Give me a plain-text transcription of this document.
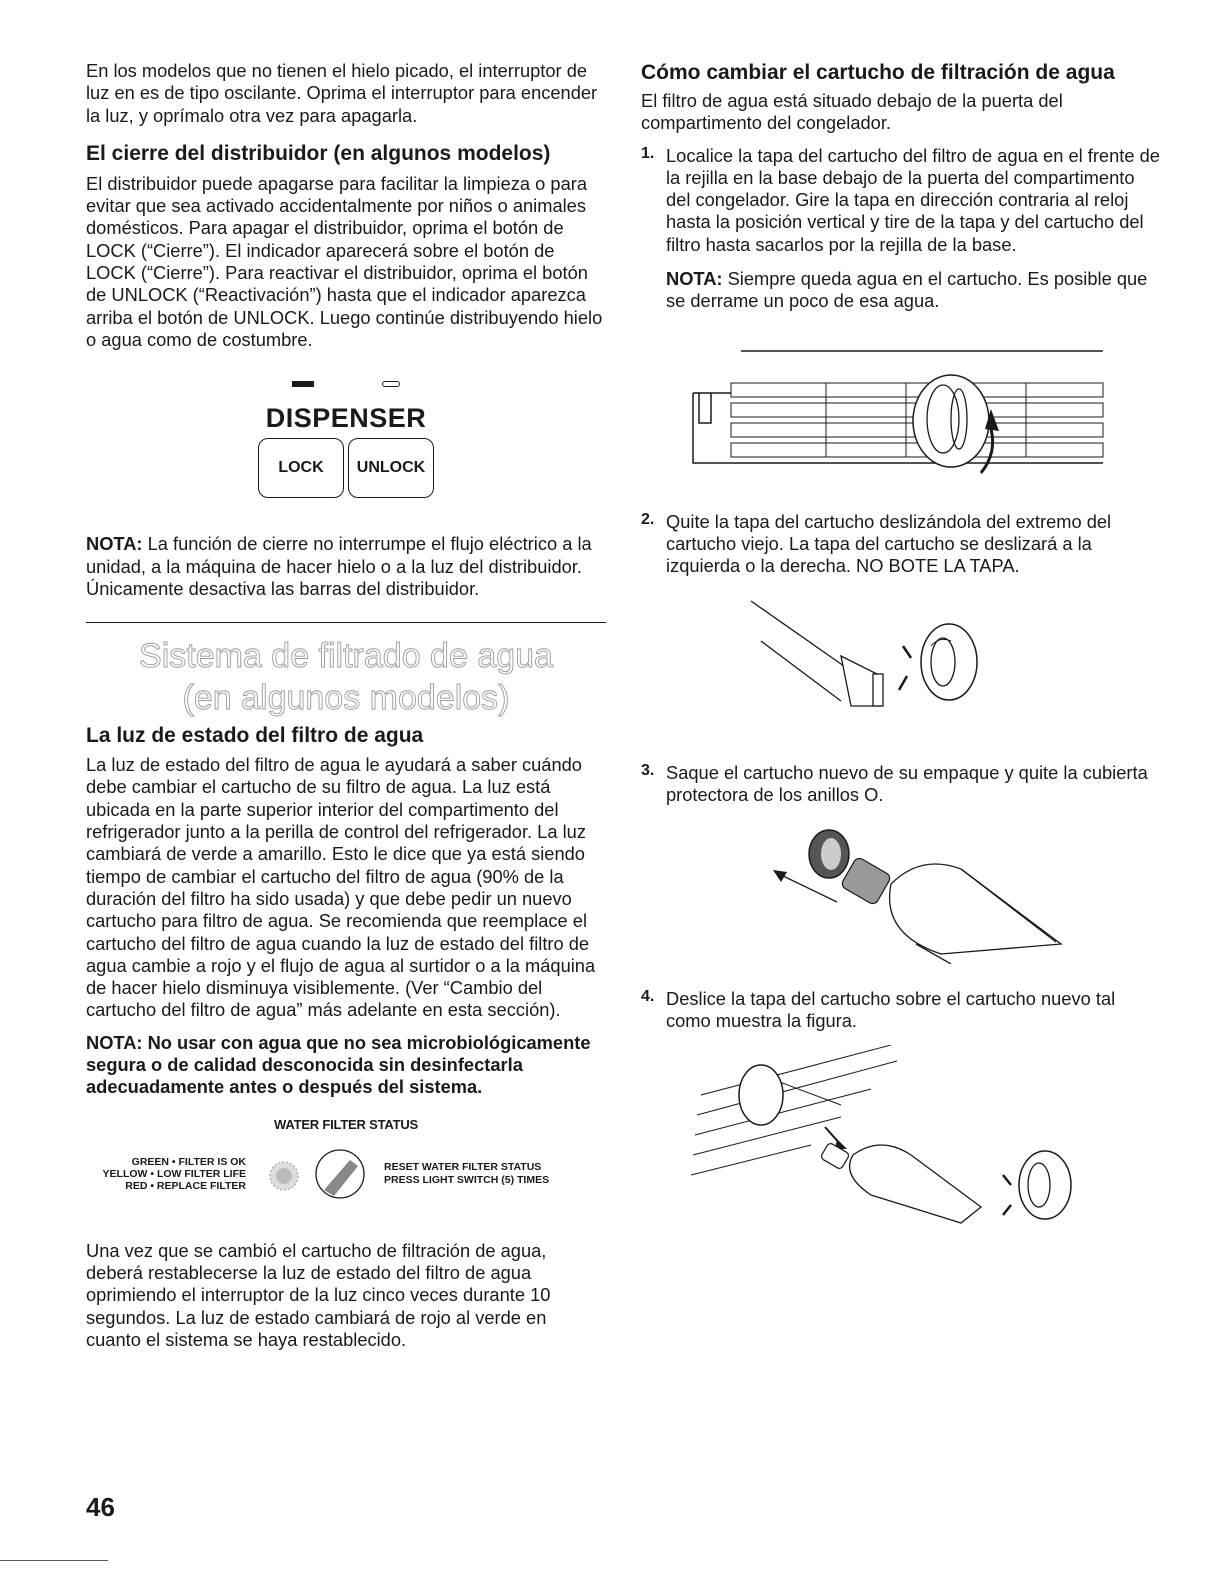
En los modelos que no tienen el hielo picado, el interruptor de luz en es de tipo oscilante. Oprima el interruptor para encender la luz, y oprímalo otra vez para apagarla.

El cierre del distribuidor (en algunos modelos)

El distribuidor puede apagarse para facilitar la limpieza o para evitar que sea activado accidentalmente por niños o animales domésticos. Para apagar el distribuidor, oprima el botón de LOCK (“Cierre”). El indicador aparecerá sobre el botón de LOCK (“Cierre”). Para reactivar el distribuidor, oprima el botón de UNLOCK (“Reactivación”) hasta que el indicador aparezca arriba el botón de UNLOCK. Luego continúe distribuyendo hielo o agua como de costumbre.

DISPENSER
LOCK	UNLOCK

NOTA: La función de cierre no interrumpe el flujo eléctrico a la unidad, a la máquina de hacer hielo o a la luz del distribuidor. Únicamente desactiva las barras del distribuidor.

Sistema de filtrado de agua
(en algunos modelos)
La luz de estado del filtro de agua

La luz de estado del filtro de agua le ayudará a saber cuándo debe cambiar el cartucho de su filtro de agua. La luz está ubicada en la parte superior interior del compartimento del refrigerador junto a la perilla de control del refrigerador. La luz cambiará de verde a amarillo. Esto le dice que ya está siendo tiempo de cambiar el cartucho del filtro de agua (90% de la duración del filtro ha sido usada) y que debe pedir un nuevo cartucho para filtro de agua. Se recomienda que reemplace el cartucho del filtro de agua cuando la luz de estado del filtro de agua cambie a rojo y el flujo de agua al surtidor o a la máquina de hacer hielo disminuya visiblemente. (Ver “Cambio del cartucho del filtro de agua” más adelante en esta sección).

NOTA: No usar con agua que no sea microbiológicamente segura o de calidad desconocida sin desinfectarla adecuadamente antes o después del sistema.

WATER FILTER STATUS
GREEN • FILTER IS OK
YELLOW • LOW FILTER LIFE
RED • REPLACE FILTER
RESET WATER FILTER STATUS
PRESS LIGHT SWITCH (5) TIMES

Una vez que se cambió el cartucho de filtración de agua, deberá restablecerse la luz de estado del filtro de agua oprimiendo el interruptor de la luz cinco veces durante 10 segundos. La luz de estado cambiará de rojo al verde en cuanto el sistema se haya restablecido.

Cómo cambiar el cartucho de filtración de agua

El filtro de agua está situado debajo de la puerta del compartimento del congelador.

1. Localice la tapa del cartucho del filtro de agua en el frente de la rejilla en la base debajo de la puerta del compartimento del congelador. Gire la tapa en dirección contraria al reloj hasta la posición vertical y tire de la tapa y del cartucho del filtro hasta sacarlos por la rejilla de la base.

NOTA: Siempre queda agua en el cartucho. Es posible que se derrame un poco de esa agua.

2. Quite la tapa del cartucho deslizándola del extremo del cartucho viejo. La tapa del cartucho se deslizará a la izquierda o la derecha. NO BOTE LA TAPA.

3. Saque el cartucho nuevo de su empaque y quite la cubierta protectora de los anillos O.

4. Deslice la tapa del cartucho sobre el cartucho nuevo tal como muestra la figura.

46
